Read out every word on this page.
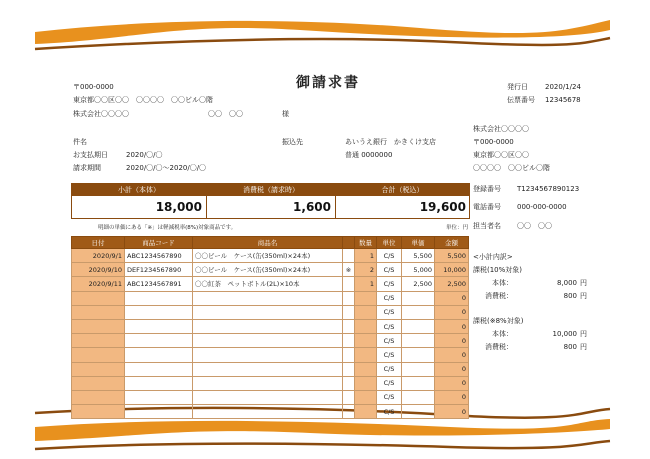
御請求書
〒000-0000
東京都〇〇区〇〇　〇〇〇〇　〇〇ビル〇階
株式会社〇〇〇〇	〇〇　〇〇	様
発行日 2020/1/24
伝票番号 12345678
件名
お支払期日	2020/〇/〇
請求期間	2020/〇/〇～2020/〇/〇
振込先	あいうえ銀行　かきくけ支店
普通 0000000
株式会社〇〇〇〇
〒000-0000
東京都〇〇区〇〇
〇〇〇〇　〇〇ビル〇階
登録番号 T1234567890123
電話番号 000-000-0000
担当者名 〇〇　〇〇
小計（本体）	消費税（請求時）	合計（税込）
18,000	1,600	19,600
明細の単価にある「※」は軽減税率(8%)対象商品です。	単位：円
日付	商品コード	商品名		数量	単位	単価	金額
2020/9/1	ABC1234567890	〇〇ビール　ケース(缶(350ml)×24本)		1	C/S	5,500	5,500
2020/9/10	DEF1234567890	〇〇ビール　ケース(缶(350ml)×24本)	※	2	C/S	5,000	10,000
2020/9/11	ABC1234567891	〇〇紅茶　ペットボトル(2L)×10本		1	C/S	2,500	2,500
					C/S		0
					C/S		0
					C/S		0
					C/S		0
					C/S		0
					C/S		0
					C/S		0
					C/S		0
					C/S		0
<小計内訳>
課税(10%対象)
本体：	8,000 円
消費税：	800 円
課税(※8%対象)
本体：	10,000 円
消費税：	800 円
